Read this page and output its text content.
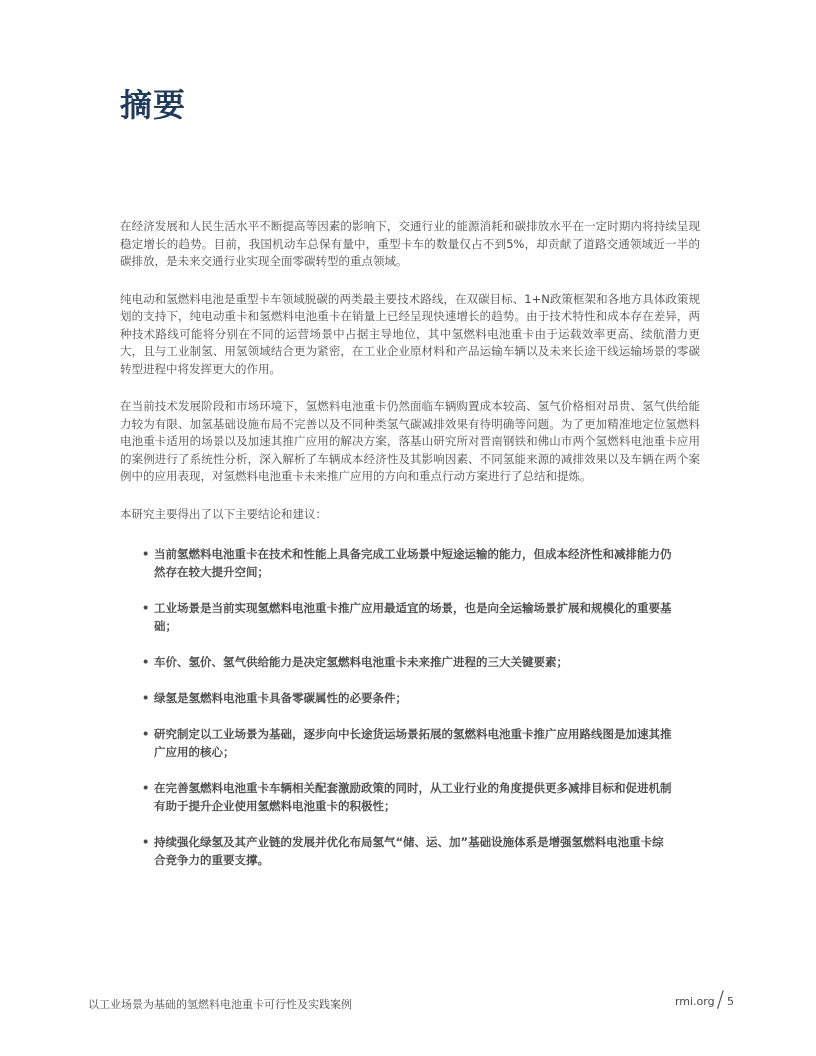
摘要

在经济发展和人民生活水平不断提高等因素的影响下，交通行业的能源消耗和碳排放水平在一定时期内将持续呈现稳定增长的趋势。目前，我国机动车总保有量中，重型卡车的数量仅占不到5%，却贡献了道路交通领域近一半的碳排放，是未来交通行业实现全面零碳转型的重点领域。

纯电动和氢燃料电池是重型卡车领域脱碳的两类最主要技术路线，在双碳目标、1+N政策框架和各地方具体政策规划的支持下，纯电动重卡和氢燃料电池重卡在销量上已经呈现快速增长的趋势。由于技术特性和成本存在差异，两种技术路线可能将分别在不同的运营场景中占据主导地位，其中氢燃料电池重卡由于运载效率更高、续航潜力更大，且与工业制氢、用氢领域结合更为紧密，在工业企业原材料和产品运输车辆以及未来长途干线运输场景的零碳转型进程中将发挥更大的作用。

在当前技术发展阶段和市场环境下，氢燃料电池重卡仍然面临车辆购置成本较高、氢气价格相对昂贵、氢气供给能力较为有限、加氢基础设施布局不完善以及不同种类氢气碳减排效果有待明确等问题。为了更加精准地定位氢燃料电池重卡适用的场景以及加速其推广应用的解决方案，落基山研究所对晋南钢铁和佛山市两个氢燃料电池重卡应用的案例进行了系统性分析，深入解析了车辆成本经济性及其影响因素、不同氢能来源的减排效果以及车辆在两个案例中的应用表现，对氢燃料电池重卡未来推广应用的方向和重点行动方案进行了总结和提炼。

本研究主要得出了以下主要结论和建议：

• 当前氢燃料电池重卡在技术和性能上具备完成工业场景中短途运输的能力，但成本经济性和减排能力仍然存在较大提升空间；
• 工业场景是当前实现氢燃料电池重卡推广应用最适宜的场景，也是向全运输场景扩展和规模化的重要基础；
• 车价、氢价、氢气供给能力是决定氢燃料电池重卡未来推广进程的三大关键要素；
• 绿氢是氢燃料电池重卡具备零碳属性的必要条件；
• 研究制定以工业场景为基础，逐步向中长途货运场景拓展的氢燃料电池重卡推广应用路线图是加速其推广应用的核心；
• 在完善氢燃料电池重卡车辆相关配套激励政策的同时，从工业行业的角度提供更多减排目标和促进机制有助于提升企业使用氢燃料电池重卡的积极性；
• 持续强化绿氢及其产业链的发展并优化布局氢气“储、运、加”基础设施体系是增强氢燃料电池重卡综合竞争力的重要支撑。
以工业场景为基础的氢燃料电池重卡可行性及实践案例	rmi.org / 5
